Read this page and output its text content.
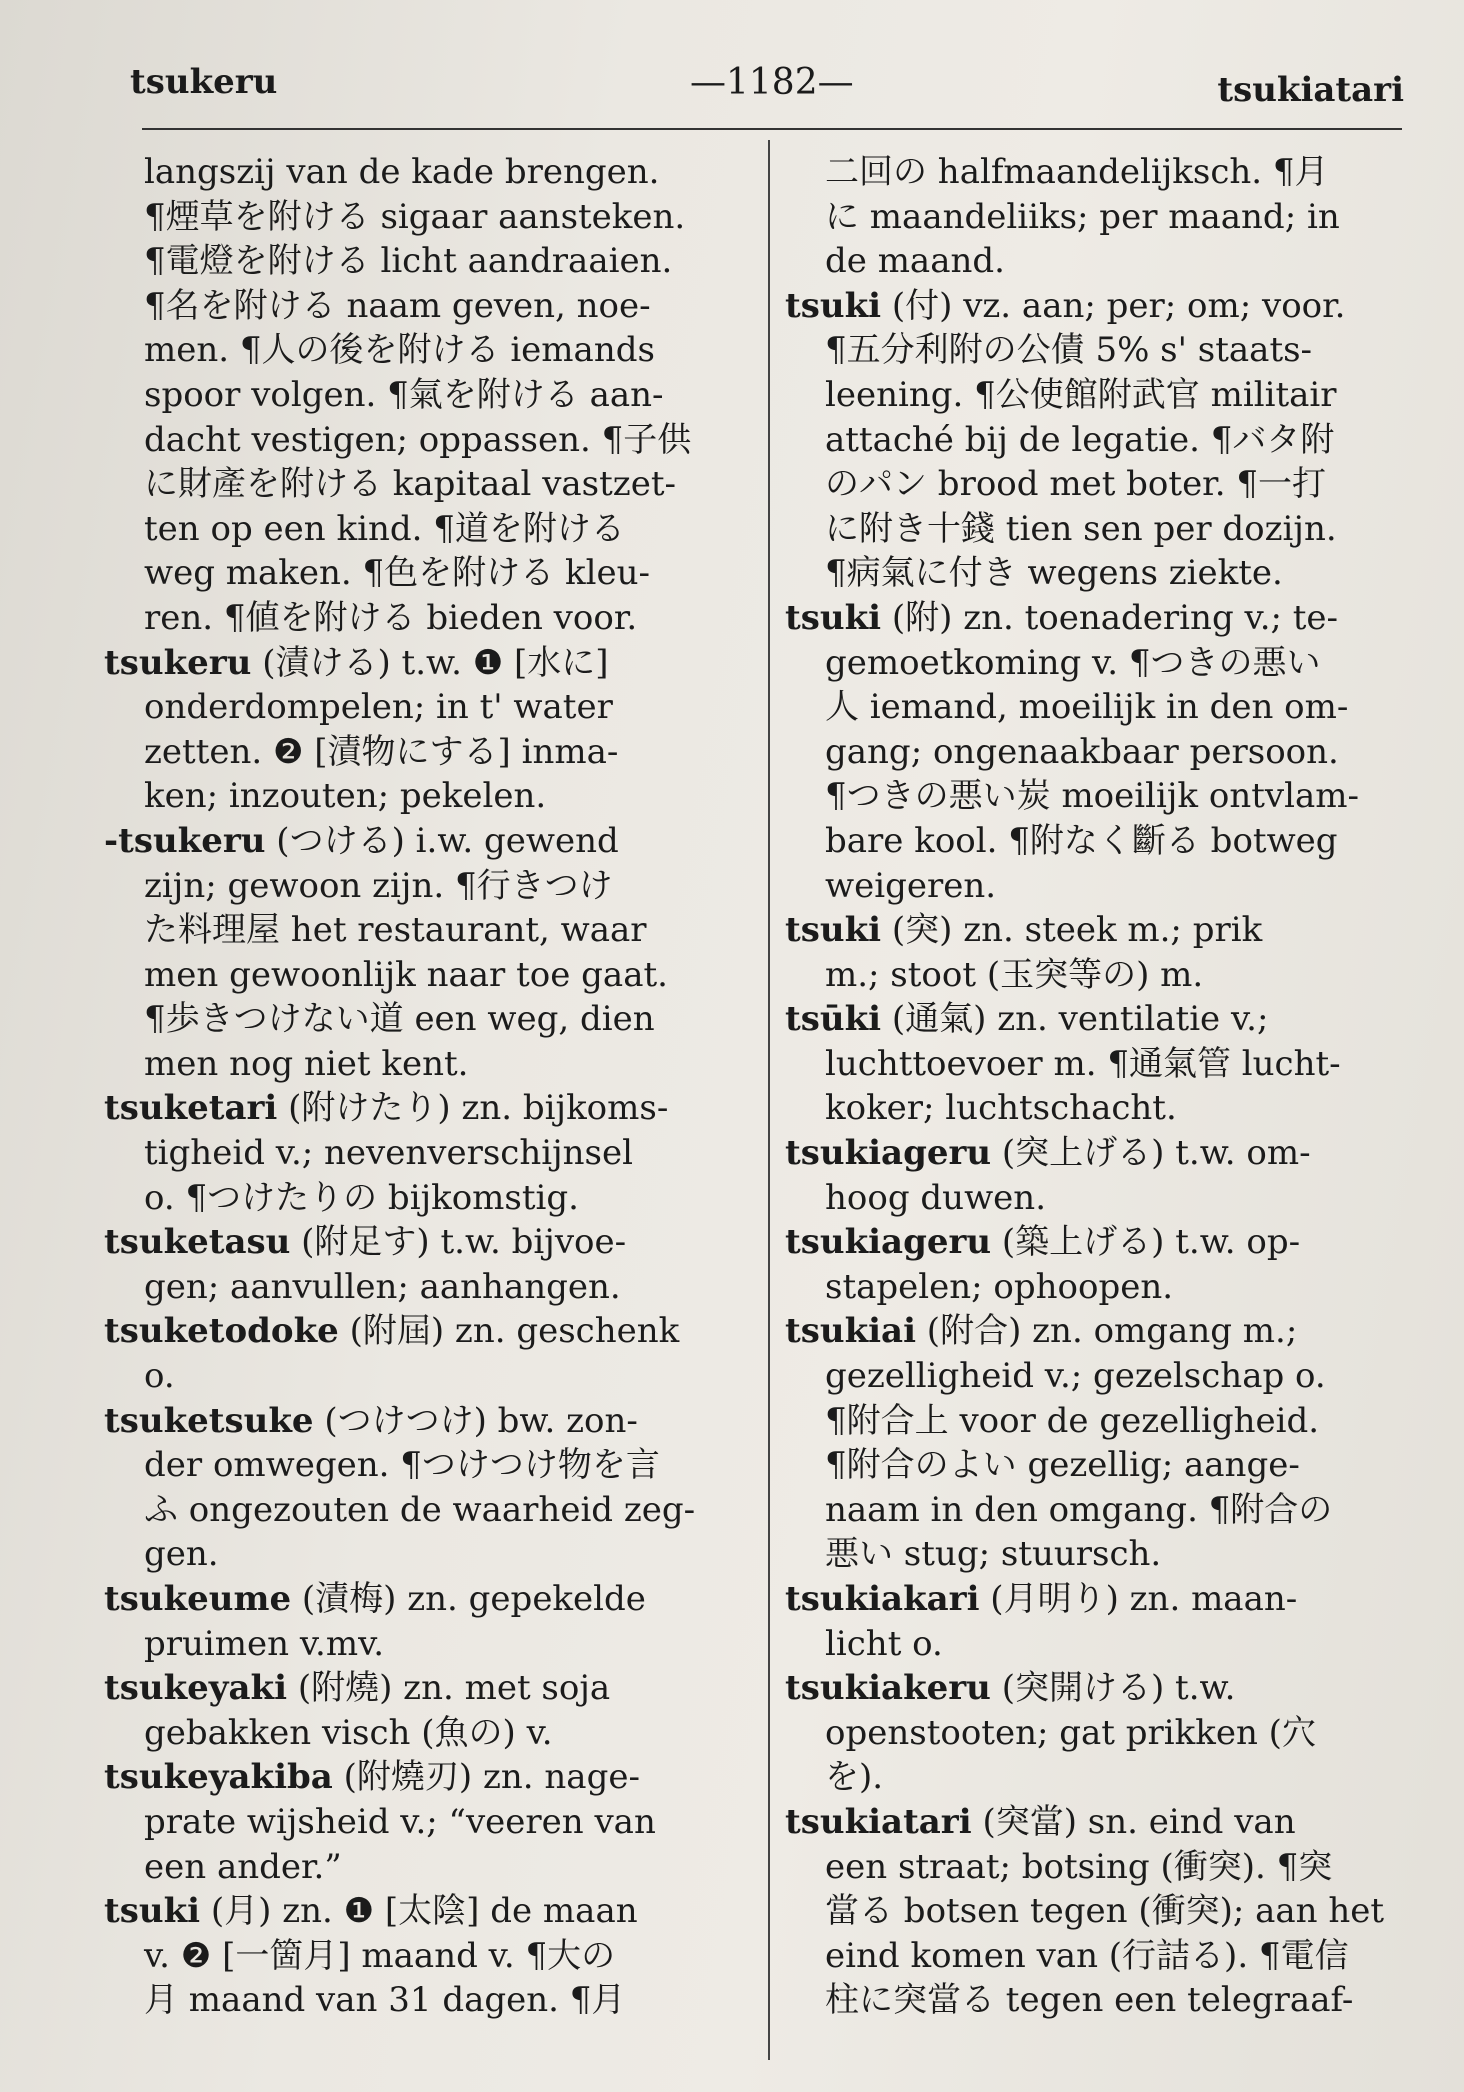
tsukeru	—1182—	tsukiatari
langszij van de kade brengen.
¶煙草を附ける sigaar aansteken.
¶電燈を附ける licht aandraaien.
¶名を附ける naam geven, noe-
men. ¶人の後を附ける iemands
spoor volgen. ¶氣を附ける aan-
dacht vestigen; oppassen. ¶子供
に財產を附ける kapitaal vastzet-
ten op een kind. ¶道を附ける
weg maken. ¶色を附ける kleu-
ren. ¶値を附ける bieden voor.
tsukeru (漬ける) t.w. ❶ [水に]
onderdompelen; in t' water
zetten. ❷ [漬物にする] inma-
ken; inzouten; pekelen.
-tsukeru (つける) i.w. gewend
zijn; gewoon zijn. ¶行きつけ
た料理屋 het restaurant, waar
men gewoonlijk naar toe gaat.
¶歩きつけない道 een weg, dien
men nog niet kent.
tsuketari (附けたり) zn. bijkoms-
tigheid v.; nevenverschijnsel
o. ¶つけたりの bijkomstig.
tsuketasu (附足す) t.w. bijvoe-
gen; aanvullen; aanhangen.
tsuketodoke (附屆) zn. geschenk
o.
tsuketsuke (つけつけ) bw. zon-
der omwegen. ¶つけつけ物を言
ふ ongezouten de waarheid zeg-
gen.
tsukeume (漬梅) zn. gepekelde
pruimen v.mv.
tsukeyaki (附燒) zn. met soja
gebakken visch (魚の) v.
tsukeyakiba (附燒刃) zn. nage-
prate wijsheid v.; “veeren van
een ander.”
tsuki (月) zn. ❶ [太陰] de maan
v. ❷ [一箇月] maand v. ¶大の
月 maand van 31 dagen. ¶月
二回の halfmaandelijksch. ¶月
に maandeliiks; per maand; in
de maand.
tsuki (付) vz. aan; per; om; voor.
¶五分利附の公債 5% s' staats-
leening. ¶公使館附武官 militair
attaché bij de legatie. ¶バタ附
のパン brood met boter. ¶一打
に附き十錢 tien sen per dozijn.
¶病氣に付き wegens ziekte.
tsuki (附) zn. toenadering v.; te-
gemoetkoming v. ¶つきの悪い
人 iemand, moeilijk in den om-
gang; ongenaakbaar persoon.
¶つきの悪い炭 moeilijk ontvlam-
bare kool. ¶附なく斷る botweg
weigeren.
tsuki (突) zn. steek m.; prik
m.; stoot (玉突等の) m.
tsūki (通氣) zn. ventilatie v.;
luchttoevoer m. ¶通氣管 lucht-
koker; luchtschacht.
tsukiageru (突上げる) t.w. om-
hoog duwen.
tsukiageru (築上げる) t.w. op-
stapelen; ophoopen.
tsukiai (附合) zn. omgang m.;
gezelligheid v.; gezelschap o.
¶附合上 voor de gezelligheid.
¶附合のよい gezellig; aange-
naam in den omgang. ¶附合の
悪い stug; stuursch.
tsukiakari (月明り) zn. maan-
licht o.
tsukiakeru (突開ける) t.w.
openstooten; gat prikken (穴
を).
tsukiatari (突當) sn. eind van
een straat; botsing (衝突). ¶突
當る botsen tegen (衝突); aan het
eind komen van (行詰る). ¶電信
柱に突當る tegen een telegraaf-
